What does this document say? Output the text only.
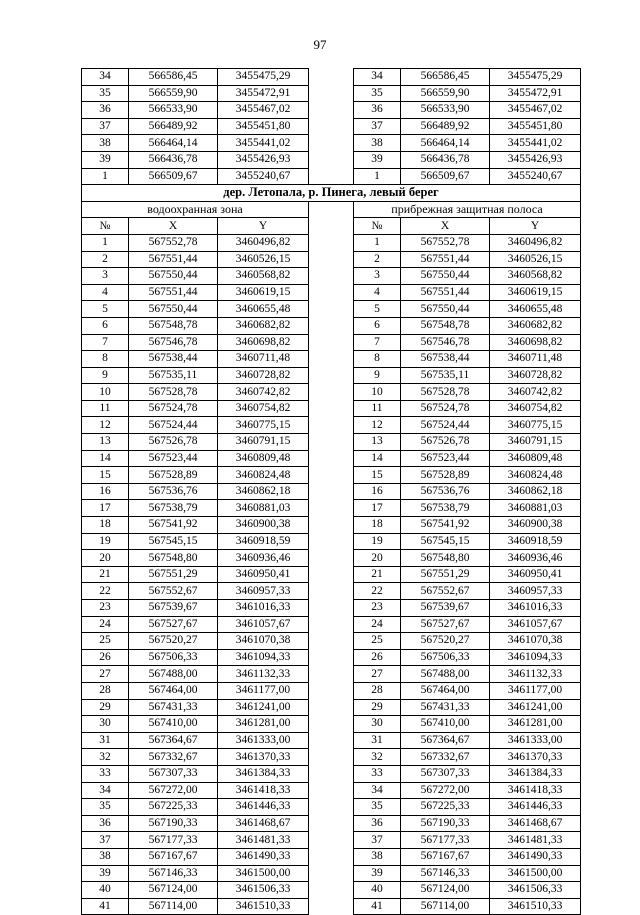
97
34	566586,45	3455475,29		34	566586,45	3455475,29
35	566559,90	3455472,91		35	566559,90	3455472,91
36	566533,90	3455467,02		36	566533,90	3455467,02
37	566489,92	3455451,80		37	566489,92	3455451,80
38	566464,14	3455441,02		38	566464,14	3455441,02
39	566436,78	3455426,93		39	566436,78	3455426,93
1	566509,67	3455240,67		1	566509,67	3455240,67
дер. Летопала, р. Пинега, левый берег						
водоохранная зона				прибрежная защитная полоса		
№	X	Y		№	X	Y
1	567552,78	3460496,82		1	567552,78	3460496,82
2	567551,44	3460526,15		2	567551,44	3460526,15
3	567550,44	3460568,82		3	567550,44	3460568,82
4	567551,44	3460619,15		4	567551,44	3460619,15
5	567550,44	3460655,48		5	567550,44	3460655,48
6	567548,78	3460682,82		6	567548,78	3460682,82
7	567546,78	3460698,82		7	567546,78	3460698,82
8	567538,44	3460711,48		8	567538,44	3460711,48
9	567535,11	3460728,82		9	567535,11	3460728,82
10	567528,78	3460742,82		10	567528,78	3460742,82
11	567524,78	3460754,82		11	567524,78	3460754,82
12	567524,44	3460775,15		12	567524,44	3460775,15
13	567526,78	3460791,15		13	567526,78	3460791,15
14	567523,44	3460809,48		14	567523,44	3460809,48
15	567528,89	3460824,48		15	567528,89	3460824,48
16	567536,76	3460862,18		16	567536,76	3460862,18
17	567538,79	3460881,03		17	567538,79	3460881,03
18	567541,92	3460900,38		18	567541,92	3460900,38
19	567545,15	3460918,59		19	567545,15	3460918,59
20	567548,80	3460936,46		20	567548,80	3460936,46
21	567551,29	3460950,41		21	567551,29	3460950,41
22	567552,67	3460957,33		22	567552,67	3460957,33
23	567539,67	3461016,33		23	567539,67	3461016,33
24	567527,67	3461057,67		24	567527,67	3461057,67
25	567520,27	3461070,38		25	567520,27	3461070,38
26	567506,33	3461094,33		26	567506,33	3461094,33
27	567488,00	3461132,33		27	567488,00	3461132,33
28	567464,00	3461177,00		28	567464,00	3461177,00
29	567431,33	3461241,00		29	567431,33	3461241,00
30	567410,00	3461281,00		30	567410,00	3461281,00
31	567364,67	3461333,00		31	567364,67	3461333,00
32	567332,67	3461370,33		32	567332,67	3461370,33
33	567307,33	3461384,33		33	567307,33	3461384,33
34	567272,00	3461418,33		34	567272,00	3461418,33
35	567225,33	3461446,33		35	567225,33	3461446,33
36	567190,33	3461468,67		36	567190,33	3461468,67
37	567177,33	3461481,33		37	567177,33	3461481,33
38	567167,67	3461490,33		38	567167,67	3461490,33
39	567146,33	3461500,00		39	567146,33	3461500,00
40	567124,00	3461506,33		40	567124,00	3461506,33
41	567114,00	3461510,33		41	567114,00	3461510,33
